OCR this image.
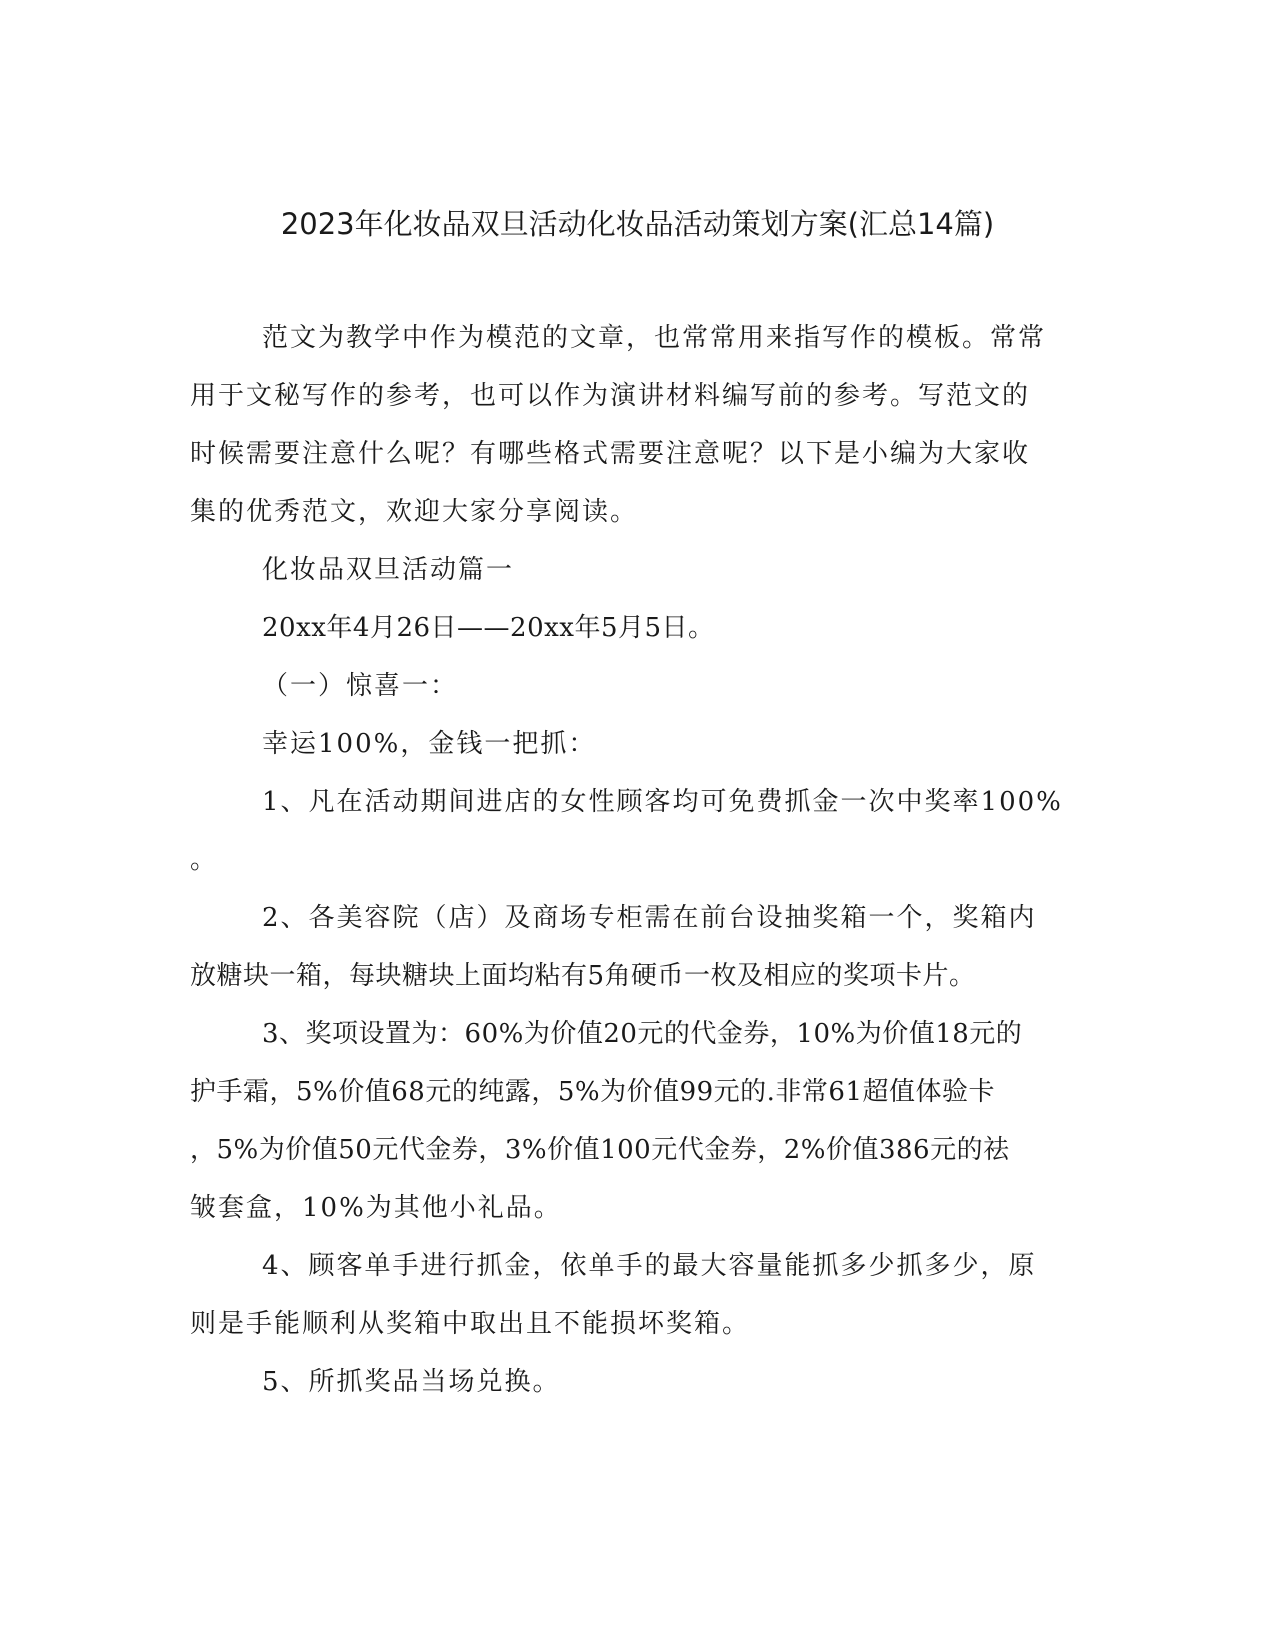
2023年化妆品双旦活动化妆品活动策划方案(汇总14篇)
范文为教学中作为模范的文章，也常常用来指写作的模板。常常
用于文秘写作的参考，也可以作为演讲材料编写前的参考。写范文的
时候需要注意什么呢？有哪些格式需要注意呢？以下是小编为大家收
集的优秀范文，欢迎大家分享阅读。
化妆品双旦活动篇一
20xx年4月26日——20xx年5月5日。
（一）惊喜一：
幸运100%，金钱一把抓：
1、凡在活动期间进店的女性顾客均可免费抓金一次中奖率100%
。
2、各美容院（店）及商场专柜需在前台设抽奖箱一个，奖箱内
放糖块一箱，每块糖块上面均粘有5角硬币一枚及相应的奖项卡片。
3、奖项设置为：60%为价值20元的代金券，10%为价值18元的
护手霜，5%价值68元的纯露，5%为价值99元的.非常61超值体验卡
，5%为价值50元代金券，3%价值100元代金券，2%价值386元的祛
皱套盒，10%为其他小礼品。
4、顾客单手进行抓金，依单手的最大容量能抓多少抓多少，原
则是手能顺利从奖箱中取出且不能损坏奖箱。
5、所抓奖品当场兑换。
